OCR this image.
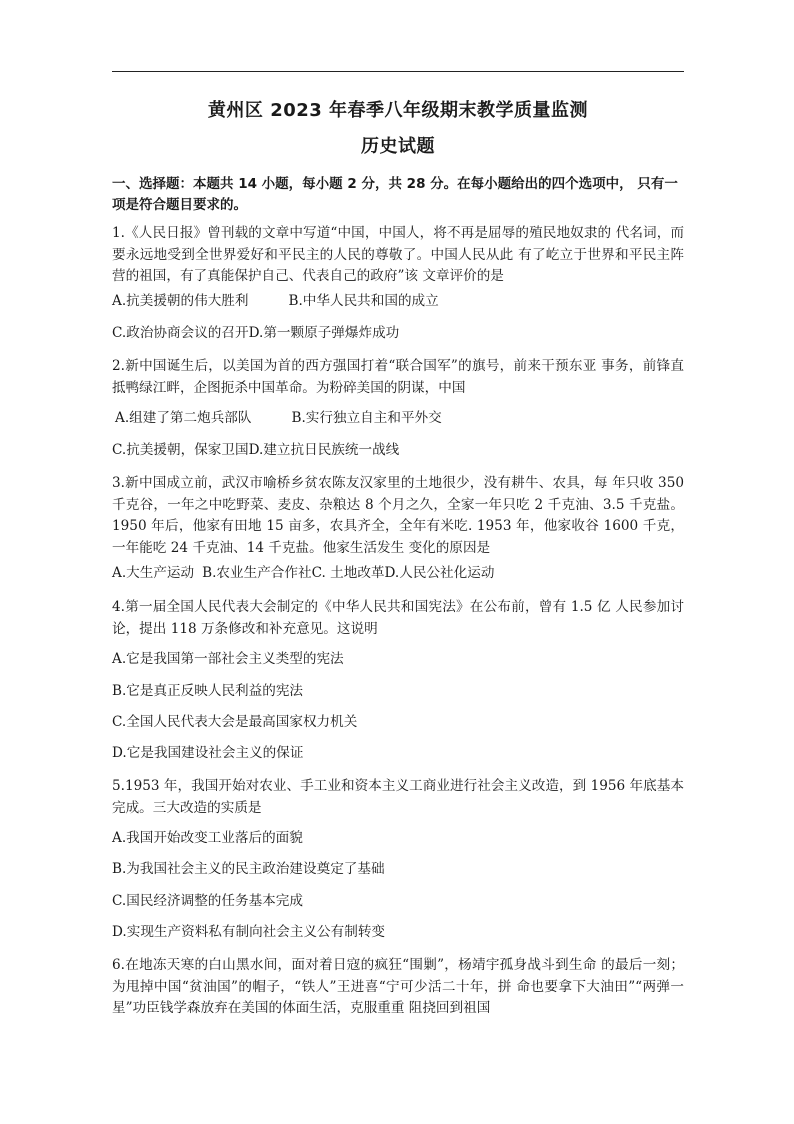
黄州区 2023 年春季八年级期末教学质量监测
历史试题
一、选择题：本题共 14 小题，每小题 2 分，共 28 分。在每小题给出的四个选项中， 只有一项是符合题目要求的。
1.《人民日报》曾刊载的文章中写道“中国，中国人，将不再是屈辱的殖民地奴隶的 代名词，而要永远地受到全世界爱好和平民主的人民的尊敬了。中国人民从此 有了屹立于世界和平民主阵营的祖国，有了真能保护自己、代表自己的政府”该 文章评价的是
A.抗美援朝的伟大胜利	B.中华人民共和国的成立
C.政治协商会议的召开D.第一颗原子弹爆炸成功
2.新中国诞生后，以美国为首的西方强国打着“联合国军”的旗号，前来干预东亚 事务，前锋直抵鸭绿江畔，企图扼杀中国革命。为粉碎美国的阴谋，中国
A.组建了第二炮兵部队	B.实行独立自主和平外交
C.抗美援朝，保家卫国D.建立抗日民族统一战线
3.新中国成立前，武汉市喻桥乡贫农陈友汉家里的土地很少，没有耕牛、农具，每 年只收 350 千克谷，一年之中吃野菜、麦皮、杂粮达 8 个月之久，全家一年只吃 2 千克油、3.5 千克盐。1950 年后，他家有田地 15 亩多，农具齐全，全年有米吃. 1953 年，他家收谷 1600 千克，一年能吃 24 千克油、14 千克盐。他家生活发生 变化的原因是
A.大生产运动 B.农业生产合作社C. 土地改革D.人民公社化运动
4.第一届全国人民代表大会制定的《中华人民共和国宪法》在公布前，曾有 1.5 亿 人民参加讨论，提出 118 万条修改和补充意见。这说明
A.它是我国第一部社会主义类型的宪法
B.它是真正反映人民利益的宪法
C.全国人民代表大会是最高国家权力机关
D.它是我国建设社会主义的保证
5.1953 年，我国开始对农业、手工业和资本主义工商业进行社会主义改造，到 1956 年底基本完成。三大改造的实质是
A.我国开始改变工业落后的面貌
B.为我国社会主义的民主政治建设奠定了基础
C.国民经济调整的任务基本完成
D.实现生产资料私有制向社会主义公有制转变
6.在地冻天寒的白山黑水间，面对着日寇的疯狂“围剿”，杨靖宇孤身战斗到生命 的最后一刻；为甩掉中国“贫油国”的帽子，“铁人”王进喜“宁可少活二十年，拼 命也要拿下大油田”“两弹一星”功臣钱学森放弃在美国的体面生活，克服重重 阻挠回到祖国
